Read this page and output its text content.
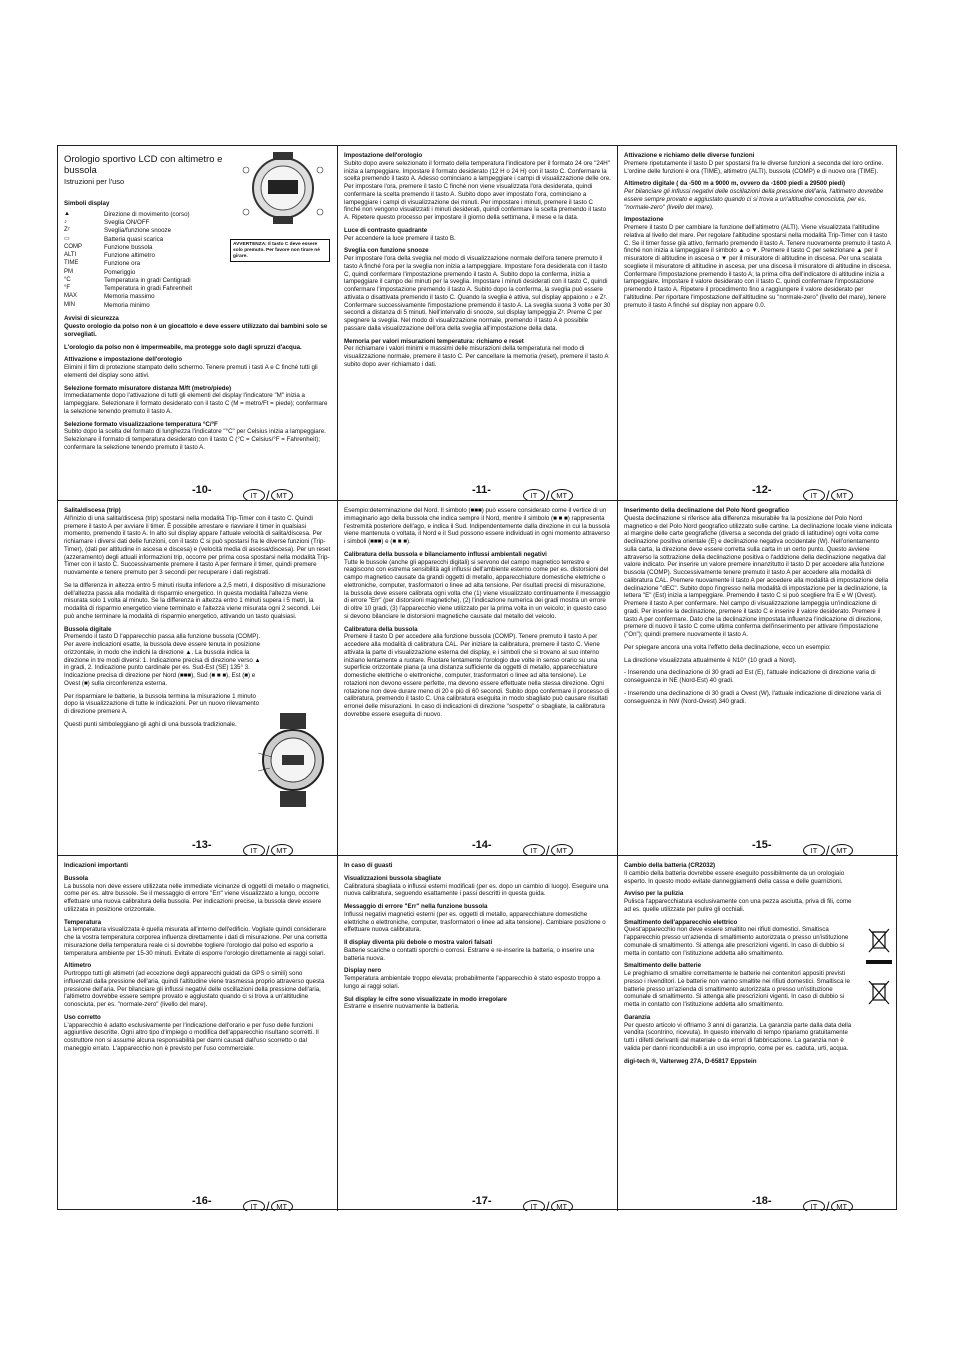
Orologio sportivo LCD con altimetro e bussola
Istruzioni per l'uso
AVVERTENZA: Il tasto C deve essere solo premuto. Per favore non tirare né girare.
Simboli display
▲	Direzione di movimento (corso)
♪	Sveglia ON/OFF
Zᶻ	Sveglia/funzione snooze
▭	Batteria quasi scarica
COMP	Funzione bussola
ALTI	Funzione altimetro
TIME	Funzione ora
PM	Pomeriggio
°C	Temperatura in gradi Centigradi
°F	Temperatura in gradi Fahrenheit
MAX	Memoria massimo
MIN	Memoria minimo
Avvisi di sicurezza
Questo orologio da polso non è un giocattolo e deve essere utilizzato dai bambini solo se sorvegliati.
L'orologio da polso non è impermeabile, ma protegge solo dagli spruzzi d'acqua.
Attivazione e impostazione dell'orologio
Elimini il film di protezione stampato dello schermo. Tenere premuti i tasti A e C finché tutti gli elementi del display sono attivi.
Selezione formato misuratore distanza M/ft (metro/piede)
Immediatamente dopo l'attivazione di tutti gli elementi del display l'indicatore "M" inizia a lampeggiare. Selezionare il formato desiderato con il tasto C (M = metro/Ft = piede); confermare la selezione tenendo premuto il tasto A.
Selezione formato visualizzazione temperatura °C/°F
Subito dopo la scelta del formato di lunghezza l'indicatore "°C" per Celsius inizia a lampeggiare. Selezionare il formato di temperatura desiderato con il tasto C (°C = Celsius/°F = Fahrenheit); confermare la selezione tenendo premuto il tasto A.
-10-	IT / MT
Impostazione dell'orologio
Subito dopo avere selezionato il formato della temperatura l'indicatore per il formato 24 ore "24H" inizia a lampeggiare. Impostare il formato desiderato (12 H o 24 H) con il tasto C. Confermare la scelta premendo il tasto A. Adesso cominciano a lampeggiare i campi di visualizzazione delle ore. Per impostare l'ora, premere il tasto C finché non viene visualizzata l'ora desiderata, quindi confermare la scelta premendo il tasto A. Subito dopo aver impostato l'ora, cominciano a lampeggiare i campi di visualizzazione dei minuti. Per impostare i minuti, premere il tasto C finché non vengono visualizzati i minuti desiderati, quindi confermare la scelta premendo il tasto A. Ripetere questo processo per impostare il giorno della settimana, il mese e la data.
Luce di contrasto quadrante
Per accendere la luce premere il tasto B.
Sveglia con funzione snooze
Per impostare l'ora della sveglia nel modo di visualizzazione normale dell'ora tenere premuto il tasto A finché l'ora per la sveglia non inizia a lampeggiare. Impostare l'ora desiderata con il tasto C, quindi confermare l'impostazione premendo il tasto A. Subito dopo la conferma, inizia a lampeggiare il campo dei minuti per la sveglia. Impostare i minuti desiderati con il tasto C, quindi confermare l'impostazione premendo il tasto A. Subito dopo la conferma, la sveglia può essere attivata o disattivata premendo il tasto C. Quando la sveglia è attiva, sul display appaiono ♪ e Zᶻ. Confermare successivamente l'impostazione premendo il tasto A. La sveglia suona 3 volte per 30 secondi a distanza di 5 minuti. Nell'intervallo di snooze, sul display lampeggia Zᶻ. Preme C per spegnere la sveglia. Nel modo di visualizzazione normale, premendo il tasto A è possibile passare dalla visualizzazione dell'ora della sveglia all'impostazione della data.
Memoria per valori misurazioni temperatura: richiamo e reset
Per richiamare i valori minimi e massimi delle misurazioni della temperatura nel modo di visualizzazione normale, premere il tasto C. Per cancellare la memoria (reset), premere il tasto A subito dopo aver richiamato i dati.
-11-	IT / MT
Attivazione e richiamo delle diverse funzioni
Premere ripetutamente il tasto D per spostarsi fra le diverse funzioni a seconda del loro ordine. L'ordine delle funzioni è ora (TIME), altimetro (ALTI), bussola (COMP) e di nuovo ora (TIME).
Altimetro digitale ( da -500 m a 9000 m, ovvero da -1600 piedi a 29500 piedi)
Per bilanciare gli influssi negativi delle oscillazioni della pressione dell'aria, l'altimetro dovrebbe essere sempre provato e aggiustato quando ci si trova a un'altitudine conosciuta, per es. "normale-zero" (livello del mare).
Impostazione
Premere il tasto D per cambiare la funzione dell'altimetro (ALTI). Viene visualizzata l'altitudine relativa al livello del mare. Per regolare l'altitudine spostarsi nella modalità Trip-Timer con il tasto C. Se il timer fosse già attivo, fermarlo premendo il tasto A. Tenere nuovamente premuto il tasto A finché non inizia a lampeggiare il simbolo ▲ o ▼. Premere il tasto C per selezionare ▲ per il misuratore di altitudine in ascesa o ▼ per il misuratore di altitudine in discesa. Per una scalata scegliete il misuratore di altitudine in ascesa, per una discesa il misuratore di altitudine in discesa. Confermare l'impostazione premendo il tasto A; la prima cifra dell'indicatore di altitudine inizia a lampeggiare. Impostare il valore desiderato con il tasto C, quindi confermare l'impostazione premendo il tasto A. Ripetere il procedimento fino a raggiungere il valore desiderato per l'altitudine. Per riportare l'impostazione dell'altitudine su "normale-zero" (livello del mare), tenere premuto il tasto A finché sul display non appare 0.0.
-12-	IT / MT
Salita/discesa (trip)
All'inizio di una salita/discesa (trip) spostarsi nella modalità Trip-Timer con il tasto C. Quindi premere il tasto A per avviare il timer. È possibile arrestare e riavviare il timer in qualsiasi momento, premendo il tasto A. In alto sul display appare l'attuale velocità di salita/discesa. Per richiamare i diversi dati delle funzioni, con il tasto C si può spostarsi fra le diverse funzioni (Trip-Timer), (dati per altitudine in ascesa e discesa) e (velocità media di ascesa/discesa). Per un reset (azzeramento) degli attuali informazioni trip, occorre per prima cosa spostarsi nella modalità Trip-Timer con il tasto C. Successivamente premere il tasto A per fermare il timer, quindi premere nuovamente e tenere premuto per 3 secondi per recuperare i dati registrati.
Se la differenza in altezza entro 5 minuti risulta inferiore a 2,5 metri, il dispositivo di misurazione dell'altezza passa alla modalità di risparmio energetico. In questa modalità l'altezza viene misurata solo 1 volta al minuto. Se la differenza in altezza entro 1 minuti supera i 5 metri, la modalità di risparmio energetico viene terminato e l'altezza viene misurata ogni 2 secondi. Lei può anche terminare la modalità di risparmio energetico, attivando un tasto qualsiasi.
Bussola digitale
Premendo il tasto D l'apparecchio passa alla funzione bussola (COMP). Per avere indicazioni esatte, la bussola deve essere tenuta in posizione orizzontale, in modo che indichi la direzione ▲. La bussola indica la direzione in tre modi diversi: 1. Indicazione precisa di direzione verso ▲ in gradi, 2. Indicazione punto cardinale per es. Sud-Est (SE) 135° 3. Indicazione precisa di direzione per Nord (■■■), Sud (■ ■ ■), Est (■) e Ovest (■) sulla circonferenza esterna.
Per risparmiare le batterie, la bussola termina la misurazione 1 minuto dopo la visualizzazione di tutte le indicazioni. Per un nuovo rilevamento di direzione premere A.
Questi punti simboleggiano gli aghi di una bussola tradizionale.
-13-	IT / MT
Esempio:determinazione del Nord. Il simbolo (■■■) può essere considerato come il vertice di un immaginario ago della bussola che indica sempre il Nord, mentre il simbolo (■ ■ ■) rappresenta l'estremità posteriore dell'ago, e indica il Sud. Indipendentemente dalla direzione in cui la bussola viene mantenuta o voltata, il Nord e il Sud possono essere individuati in ogni momento attraverso i simboli (■■■) e (■ ■ ■).
Calibratura della bussola e bilanciamento influssi ambientali negativi
Tutte le bussole (anche gli apparecchi digitali) si servono del campo magnetico terrestre e reagiscono con estrema sensibilità agli influssi dell'ambiente esterno come per es. distorsioni del campo magnetico causate da grandi oggetti di metallo, apparecchiature domestiche elettriche o elettroniche, computer, trasformatori o linee ad alta tensione. Per risultati precisi di misurazione, la bussola deve essere calibrata ogni volta che (1) viene visualizzato continuamente il messaggio di errore "Err" (per distorsioni magnetiche), (2) l'indicazione numerica dei gradi mostra un errore di oltre 10 gradi, (3) l'apparecchio viene utilizzato per la prima volta in un veicolo; in questo caso si devono bilanciare le distorsioni magnetiche causate dal metallo del veicolo.
Calibratura della bussola
Premere il tasto D per accedere alla funzione bussola (COMP). Tenere premuto il tasto A per accedere alla modalità di calibratura CAL. Per iniziare la calibratura, premere il tasto C. Viene attivata la parte di visualizzazione esterna del display, e i simboli che si trovano al suo interno iniziano lentamente a ruotare. Ruotare lentamente l'orologio due volte in senso orario su una superficie orizzontale piana (a una distanza sufficiente da oggetti di metallo, apparecchiature domestiche elettriche o elettroniche, computer, trasformatori o linee ad alta tensione). Le rotazioni non devono essere perfette, ma devono essere effettuate nella stessa direzione. Ogni rotazione non deve durare meno di 20 e più di 60 secondi. Subito dopo confermare il processo di calibratura, premendo il tasto C. Una calibratura eseguita in modo sbagliato può causare risultati erronei delle misurazioni. In caso di indicazioni di direzione "sospette" o sbagliate, la calibratura dovrebbe essere eseguita di nuovo.
-14-	IT / MT
Inserimento della declinazione del Polo Nord geografico
Questa declinazione si riferisce alla differenza misurabile fra la posizione del Polo Nord magnetico e del Polo Nord geografico utilizzato sulle cartine. La declinazione locale viene indicata al margine delle carte geografiche (diversa a seconda del grado di latitudine) ogni volta come declinazione positiva orientale (E) e declinazione negativa occidentale (W). Nell'orientamento sulla carta, la direzione deve essere corretta sulla carta in un certo punto. Questo avviene attraverso la sottrazione della declinazione positiva o l'addizione della declinazione negativa dal valore indicato. Per inserire un valore premere innanzitutto il tasto D per accedere alla funzione bussola (COMP). Successivamente tenere premuto il tasto A per accedere alla modalità di calibratura CAL. Premere nuovamente il tasto A per accedere alla modalità di impostazione della declinazione "dEC". Subito dopo l'ingresso nella modalità di impostazione per la declinazione, la lettera "E" (Est) inizia a lampeggiare. Premendo il tasto C si può scegliere fra E e W (Ovest). Premere il tasto A per confermare. Nel campo di visualizzazione lampeggia un'indicazione di gradi. Per inserire la declinazione, premere il tasto C e inserire il valore desiderato. Premere il tasto A per confermare. Dato che la declinazione impostata influenza l'indicazione di direzione, premere di nuovo il tasto C come ultima conferma dell'inserimento per attivare l'impostazione ("On"); quindi premere nuovamente il tasto A.
Per spiegare ancora una volta l'effetto della declinazione, ecco un esempio:
La direzione visualizzata attualmente è N10° (10 gradi a Nord).
- Inserendo una declinazione di 30 gradi ad Est (E), l'attuale indicazione di direzione varia di conseguenza in NE (Nord-Est) 40 gradi.
- Inserendo una declinazione di 30 gradi a Ovest (W), l'attuale indicazione di direzione varia di conseguenza in NW (Nord-Ovest) 340 gradi.
-15-	IT / MT
Indicazioni importanti
Bussola
La bussola non deve essere utilizzata nelle immediate vicinanze di oggetti di metallo o magnetici, come per es. altre bussole. Se il messaggio di errore "Err" viene visualizzato a lungo, occorre effettuare una nuova calibratura della bussola. Per indicazioni precise, la bussola deve essere utilizzata in posizione orizzontale.
Temperatura
La temperatura visualizzata è quella misurata all'interno dell'edificio. Vogliate quindi considerare che la vostra temperatura corporea influenza direttamente i dati di misurazione. Per una corretta misurazione della temperatura reale ci si dovrebbe togliere l'orologio dal polso ed esporlo a temperatura ambiente per 15-30 minuti. Evitate di esporre l'orologio direttamente ai raggi solari.
Altimetro
Purtroppo tutti gli altimetri (ad eccezione degli apparecchi guidati da GPS o simili) sono influenzati dalla pressione dell'aria, quindi l'altitudine viene trasmessa proprio attraverso questa pressione dell'aria. Per bilanciare gli influssi negativi delle oscillazioni della pressione dell'aria, l'altimetro dovrebbe essere sempre provato e aggiustato quando ci si trova a un'altitudine conosciuta, per es. "normale-zero" (livello del mare).
Uso corretto
L'apparecchio è adatto esclusivamente per l'indicazione dell'orario e per l'uso delle funzioni aggiuntive descritte. Ogni altro tipo d'impiego o modifica dell'apparecchio risultano scorretti. Il costruttore non si assume alcuna responsabilità per danni causati dall'uso scorretto o dal maneggio errato. L'apparecchio non è previsto per l'uso commerciale.
-16-	IT / MT
In caso di guasti
Visualizzazioni bussola sbagliate
Calibratura sbagliata o influssi esterni modificati (per es. dopo un cambio di luogo). Eseguire una nuova calibratura, seguendo esattamente i passi descritti in questa guida.
Messaggio di errore "Err" nella funzione bussola
Influssi negativi magnetici esterni (per es. oggetti di metallo, apparecchiature domestiche elettriche o elettroniche, computer, trasformatori o linee ad alta tensione). Cambiare posizione o effettuare nuova calibratura.
Il display diventa più debole o mostra valori falsati
Batterie scariche o contatti sporchi o corrosi. Estrarre e re-inserire la batteria, o inserire una batteria nuova.
Display nero
Temperatura ambientale troppo elevata; probabilmente l'apparecchio è stato esposto troppo a lungo ai raggi solari.
Sul display le cifre sono visualizzate in modo irregolare
Estrarre e inserire nuovamente la batteria.
-17-	IT / MT
Cambio della batteria (CR2032)
Il cambio della batteria dovrebbe essere eseguito possibilmente da un orologiaio esperto. In questo modo evitate danneggiamenti della cassa e delle guarnizioni.
Avviso per la pulizia
Pulisca l'apparecchiatura esclusivamente con una pezza asciutta, priva di fili, come ad es. quelle utilizzate per pulire gli occhiali.
Smaltimento dell'apparecchio elettrico
Quest'apparecchio non deve essere smaltito nei rifiuti domestici. Smaltisca l'apparecchio presso un'azienda di smaltimento autorizzata o presso un'istituzione comunale di smaltimento. Si attenga alle prescrizioni vigenti. In caso di dubbio si metta in contatto con l'istituzione addetta allo smaltimento.
Smaltimento delle batterie
Le preghiamo di smaltire correttamente le batterie nei contenitori appositi previsti presso i rivenditori. Le batterie non vanno smaltite nei rifiuti domestici. Smaltisca le batterie presso un'azienda di smaltimento autorizzata o presso un'istituzione comunale di smaltimento. Si attenga alle prescrizioni vigenti. In caso di dubbio si metta in contatto con l'istituzione addetta allo smaltimento.
Garanzia
Per questo articolo vi offriamo 3 anni di garanzia. La garanzia parte dalla data della vendita (scontrino, ricevuta). In questo intervallo di tempo ripariamo gratuitamente tutti i difetti derivanti dal materiale o da errori di fabbricazione. La garanzia non è valida per danni riconducibili a un uso improprio, come per es. caduta, urti, acqua.
digi-tech ®, Valterweg 27A, D-65817 Eppstein
-18-	IT / MT
